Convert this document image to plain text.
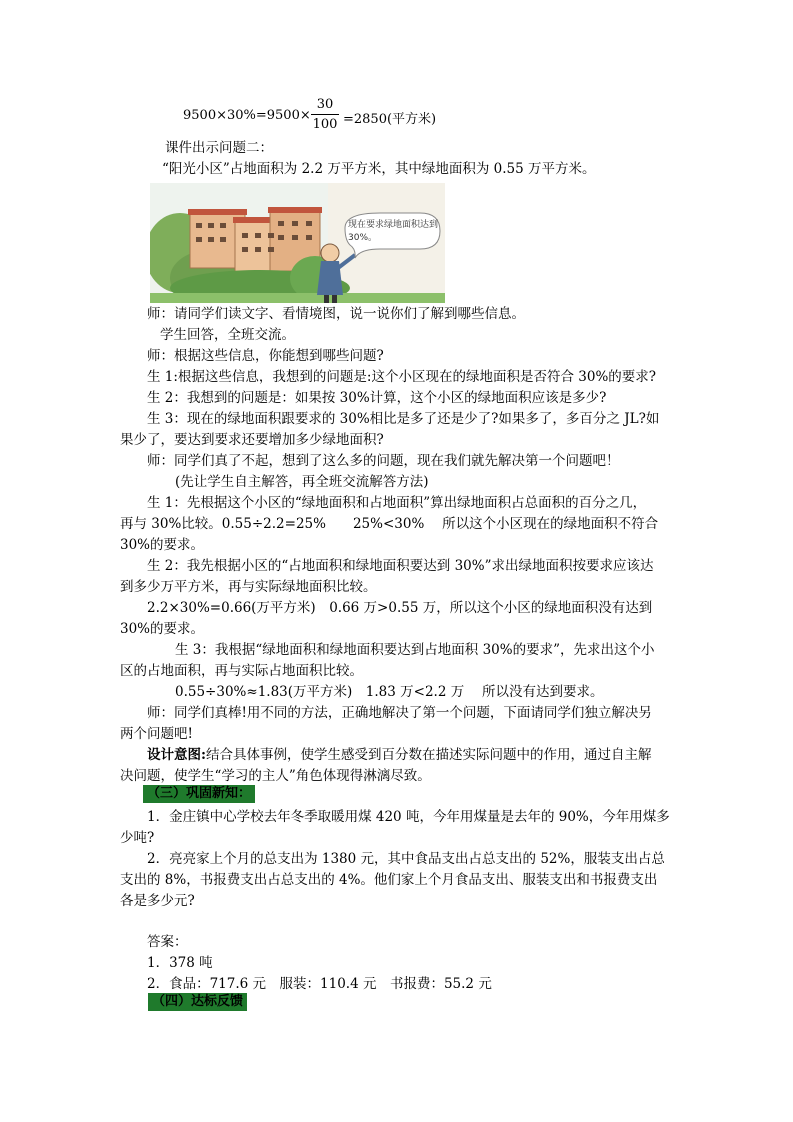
9500×30%=9500×
30
100 =2850(平方米)
课件出示问题二：
“阳光小区”占地面积为 2.2 万平方米，其中绿地面积为 0.55 万平方米。
现在要求绿地面积达到30%。
师：请同学们读文字、看情境图，说一说你们了解到哪些信息。
学生回答，全班交流。
师：根据这些信息，你能想到哪些问题?
生 1:根据这些信息，我想到的问题是:这个小区现在的绿地面积是否符合 30%的要求?
生 2：我想到的问题是：如果按 30%计算，这个小区的绿地面积应该是多少?
生 3：现在的绿地面积跟要求的 30%相比是多了还是少了?如果多了，多百分之 JL?如
果少了，要达到要求还要增加多少绿地面积?
师：同学们真了不起，想到了这么多的问题，现在我们就先解决第一个问题吧！
(先让学生自主解答，再全班交流解答方法)
生 1：先根据这个小区的“绿地面积和占地面积”算出绿地面积占总面积的百分之几，
再与 30%比较。0.55÷2.2=25%　　25%<30%　 所以这个小区现在的绿地面积不符合
30%的要求。
生 2：我先根据小区的“占地面积和绿地面积要达到 30%”求出绿地面积按要求应该达
到多少万平方米，再与实际绿地面积比较。
2.2×30%=0.66(万平方米)　0.66 万>0.55 万，所以这个小区的绿地面积没有达到
30%的要求。
生 3：我根据“绿地面积和绿地面积要达到占地面积 30%的要求”，先求出这个小
区的占地面积，再与实际占地面积比较。
0.55÷30%≈1.83(万平方米)　1.83 万<2.2 万　 所以没有达到要求。
师：同学们真棒!用不同的方法，正确地解决了第一个问题，下面请同学们独立解决另
两个问题吧!
设计意图:结合具体事例，使学生感受到百分数在描述实际问题中的作用，通过自主解
决问题，使学生“学习的主人”角色体现得淋漓尽致。
（三）巩固新知：
1．金庄镇中心学校去年冬季取暖用煤 420 吨，今年用煤量是去年的 90%，今年用煤多
少吨?
2．亮亮家上个月的总支出为 1380 元，其中食品支出占总支出的 52%，服装支出占总
支出的 8%，书报费支出占总支出的 4%。他们家上个月食品支出、服装支出和书报费支出
各是多少元?
答案：
1．378 吨
2．食品：717.6 元　服装：110.4 元　书报费：55.2 元
（四）达标反馈
